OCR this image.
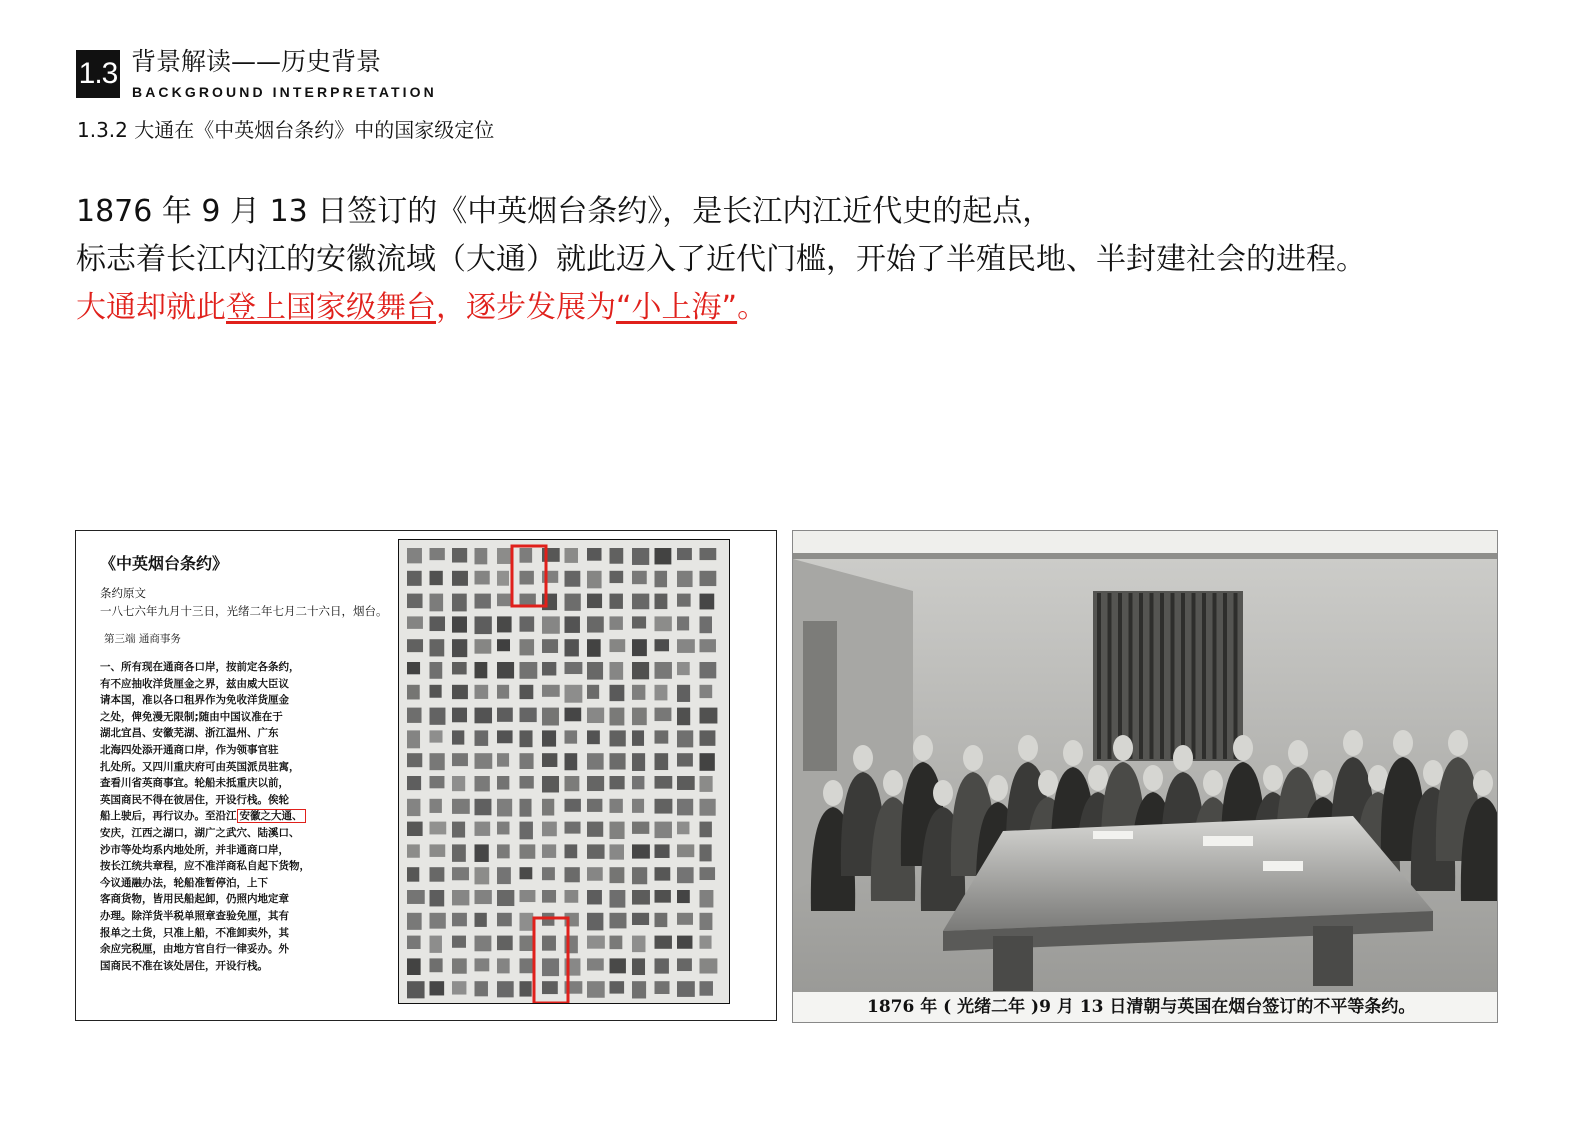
1.3 背景解读——历史背景
BACKGROUND INTERPRETATION
1.3.2 大通在《中英烟台条约》中的国家级定位

1876 年 9 月 13 日签订的《中英烟台条约》，是长江内江近代史的起点，

标志着长江内江的安徽流域（大通）就此迈入了近代门槛，开始了半殖民地、半封建社会的进程。

大通却就此登上国家级舞台，逐步发展为“小上海”。

《中英烟台条约》
条约原文
一八七六年九月十三日，光绪二年七月二十六日，烟台。
第三端 通商事务
一、所有现在通商各口岸，按前定各条约，
有不应抽收洋货厘金之界，兹由威大臣议
请本国，准以各口租界作为免收洋货厘金
之处，俾免漫无限制;随由中国议准在于
湖北宜昌、安徽芜湖、浙江温州、广东
北海四处添开通商口岸，作为领事官驻
扎处所。又四川重庆府可由英国派员驻寓，
查看川省英商事宜。轮船未抵重庆以前，
英国商民不得在彼居住，开设行栈。俟轮
船上驶后，再行议办。至沿江 安徽之大通、
安庆，江西之湖口，湖广之武穴、陆溪口、
沙市等处均系内地处所，并非通商口岸，
按长江统共章程，应不准洋商私自起下货物，
今议通融办法，轮船准暂停泊，上下
客商货物，皆用民船起卸，仍照内地定章
办理。除洋货半税单照章查验免厘，其有
报单之土货，只准上船，不准卸卖外，其
余应完税厘，由地方官自行一律妥办。外
国商民不准在该处居住，开设行栈。
1876 年 ( 光绪二年 )9 月 13 日清朝与英国在烟台签订的不平等条约。
